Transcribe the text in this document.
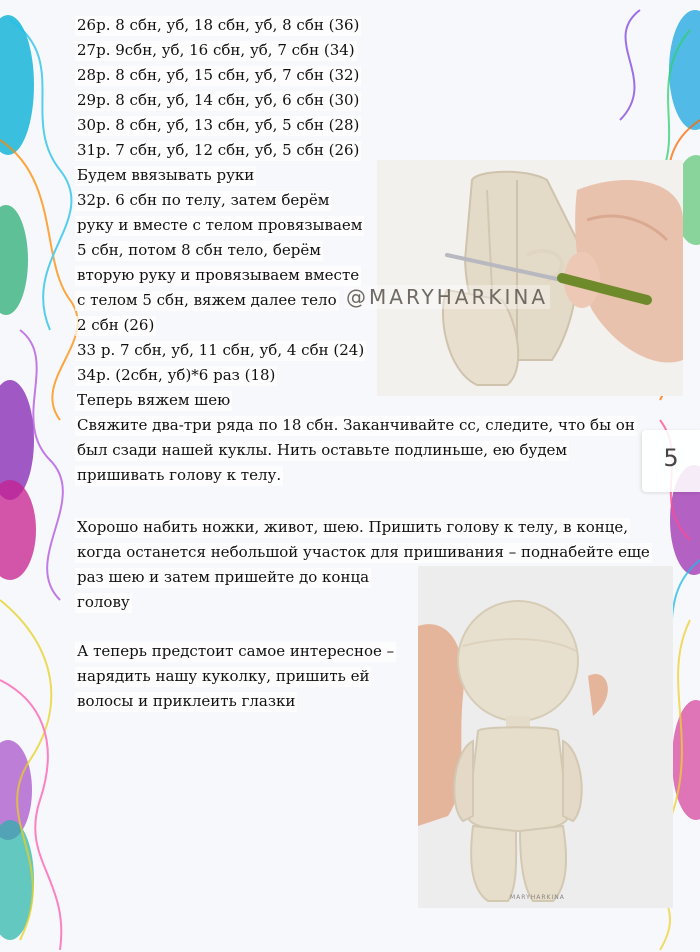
26р. 8 сбн, уб, 18 сбн, уб, 8 сбн (36)
27р. 9сбн, уб, 16 сбн, уб, 7 сбн (34)
28р. 8 сбн, уб, 15 сбн, уб, 7 сбн (32)
29р. 8 сбн, уб, 14 сбн, уб, 6 сбн (30)
30р. 8 сбн, уб, 13 сбн, уб, 5 сбн (28)
31р. 7 сбн, уб, 12 сбн, уб, 5 сбн (26)
Будем ввязывать руки
32р. 6 сбн по телу, затем берём
руку и вместе с телом провязываем
5 сбн, потом 8 сбн тело, берём
вторую руку и провязываем вместе
с телом 5 сбн, вяжем далее тело
2 сбн (26)
33 р. 7 сбн, уб, 11 сбн, уб, 4 сбн (24)
34р. (2сбн, уб)*6 раз (18)
Теперь вяжем шею
Свяжите два-три ряда по 18 сбн. Заканчивайте сс, следите, что бы он
был сзади нашей куклы. Нить оставьте подлиньше, ею будем
пришивать голову к телу.
Хорошо набить ножки, живот, шею. Пришить голову к телу, в конце,
когда останется небольшой участок для пришивания – поднабейте еще
раз шею и затем пришейте до конца
голову
А теперь предстоит самое интересное –
нарядить нашу куколку, пришить ей
волосы и приклеить глазки
@MARYHARKINA
MARYHARKINA
5
